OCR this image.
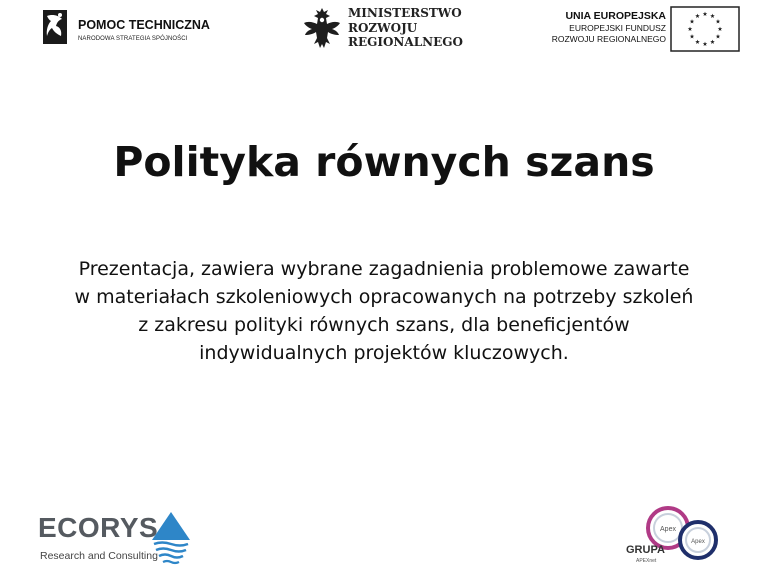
POMOC TECHNICZNA
NARODOWA STRATEGIA SPÓJNOŚCI
MINISTERSTWO
ROZWOJU
REGIONALNEGO
UNIA EUROPEJSKA
EUROPEJSKI FUNDUSZ
ROZWOJU REGIONALNEGO
Polityka równych szans
Prezentacja, zawiera wybrane zagadnienia problemowe zawarte w materiałach szkoleniowych opracowanych na potrzeby szkoleń z zakresu polityki równych szans, dla beneficjentów indywidualnych projektów kluczowych.
ECORYS
Research and Consulting
Apex
Apex
GRUPA
APEXnet
